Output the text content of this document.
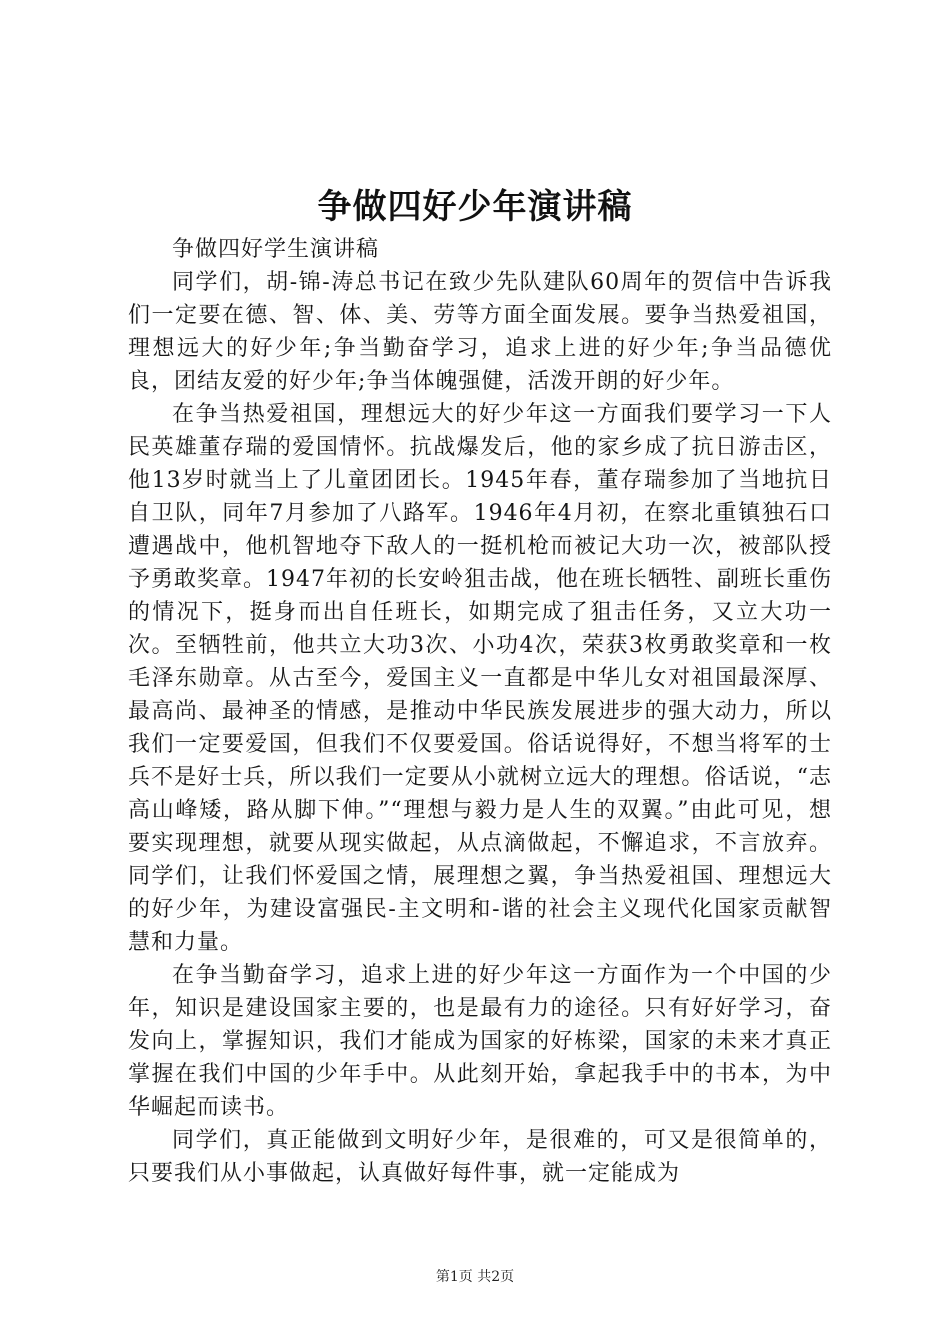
争做四好少年演讲稿

争做四好学生演讲稿

同学们，胡-锦-涛总书记在致少先队建队60周年的贺信中告诉我们一定要在德、智、体、美、劳等方面全面发展。要争当热爱祖国，理想远大的好少年;争当勤奋学习，追求上进的好少年;争当品德优良，团结友爱的好少年;争当体魄强健，活泼开朗的好少年。

在争当热爱祖国，理想远大的好少年这一方面我们要学习一下人民英雄董存瑞的爱国情怀。抗战爆发后，他的家乡成了抗日游击区，他13岁时就当上了儿童团团长。1945年春，董存瑞参加了当地抗日自卫队，同年7月参加了八路军。1946年4月初，在察北重镇独石口遭遇战中，他机智地夺下敌人的一挺机枪而被记大功一次，被部队授予勇敢奖章。1947年初的长安岭狙击战，他在班长牺牲、副班长重伤的情况下，挺身而出自任班长，如期完成了狙击任务，又立大功一次。至牺牲前，他共立大功3次、小功4次，荣获3枚勇敢奖章和一枚毛泽东勋章。从古至今，爱国主义一直都是中华儿女对祖国最深厚、最高尚、最神圣的情感，是推动中华民族发展进步的强大动力，所以我们一定要爱国，但我们不仅要爱国。俗话说得好，不想当将军的士兵不是好士兵，所以我们一定要从小就树立远大的理想。俗话说，“志高山峰矮，路从脚下伸。”“理想与毅力是人生的双翼。”由此可见，想要实现理想，就要从现实做起，从点滴做起，不懈追求，不言放弃。同学们，让我们怀爱国之情，展理想之翼，争当热爱祖国、理想远大的好少年，为建设富强民-主文明和-谐的社会主义现代化国家贡献智慧和力量。

在争当勤奋学习，追求上进的好少年这一方面作为一个中国的少年，知识是建设国家主要的，也是最有力的途径。只有好好学习，奋发向上，掌握知识，我们才能成为国家的好栋梁，国家的未来才真正掌握在我们中国的少年手中。从此刻开始，拿起我手中的书本，为中华崛起而读书。

同学们，真正能做到文明好少年，是很难的，可又是很简单的，只要我们从小事做起，认真做好每件事，就一定能成为

第1页 共2页
